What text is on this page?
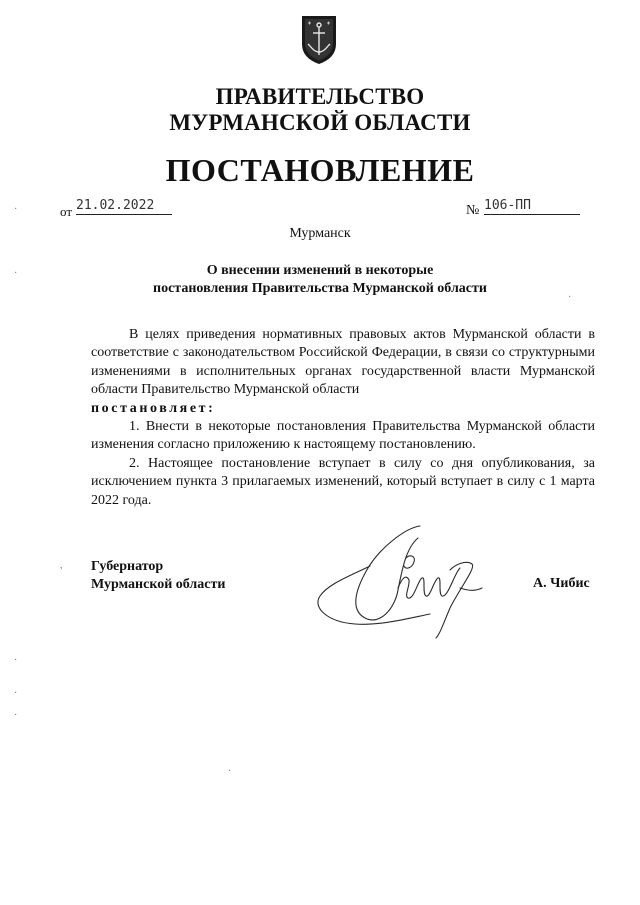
ПРАВИТЕЛЬСТВО
МУРМАНСКОЙ ОБЛАСТИ
ПОСТАНОВЛЕНИЕ
от 21.02.2022	№ 106-ПП
Мурманск
О внесении изменений в некоторые
постановления Правительства Мурманской области

В целях приведения нормативных правовых актов Мурманской области в соответствие с законодательством Российской Федерации, в связи со структурными изменениями в исполнительных органах государственной власти Мурманской области Правительство Мурманской области

постановляет:

1. Внести в некоторые постановления Правительства Мурманской области изменения согласно приложению к настоящему постановлению.

2. Настоящее постановление вступает в силу со дня опубликования, за исключением пункта 3 прилагаемых изменений, который вступает в силу с 1 марта 2022 года.

Губернатор
Мурманской области	А. Чибис
·
·
·
·
·
,
·
·
